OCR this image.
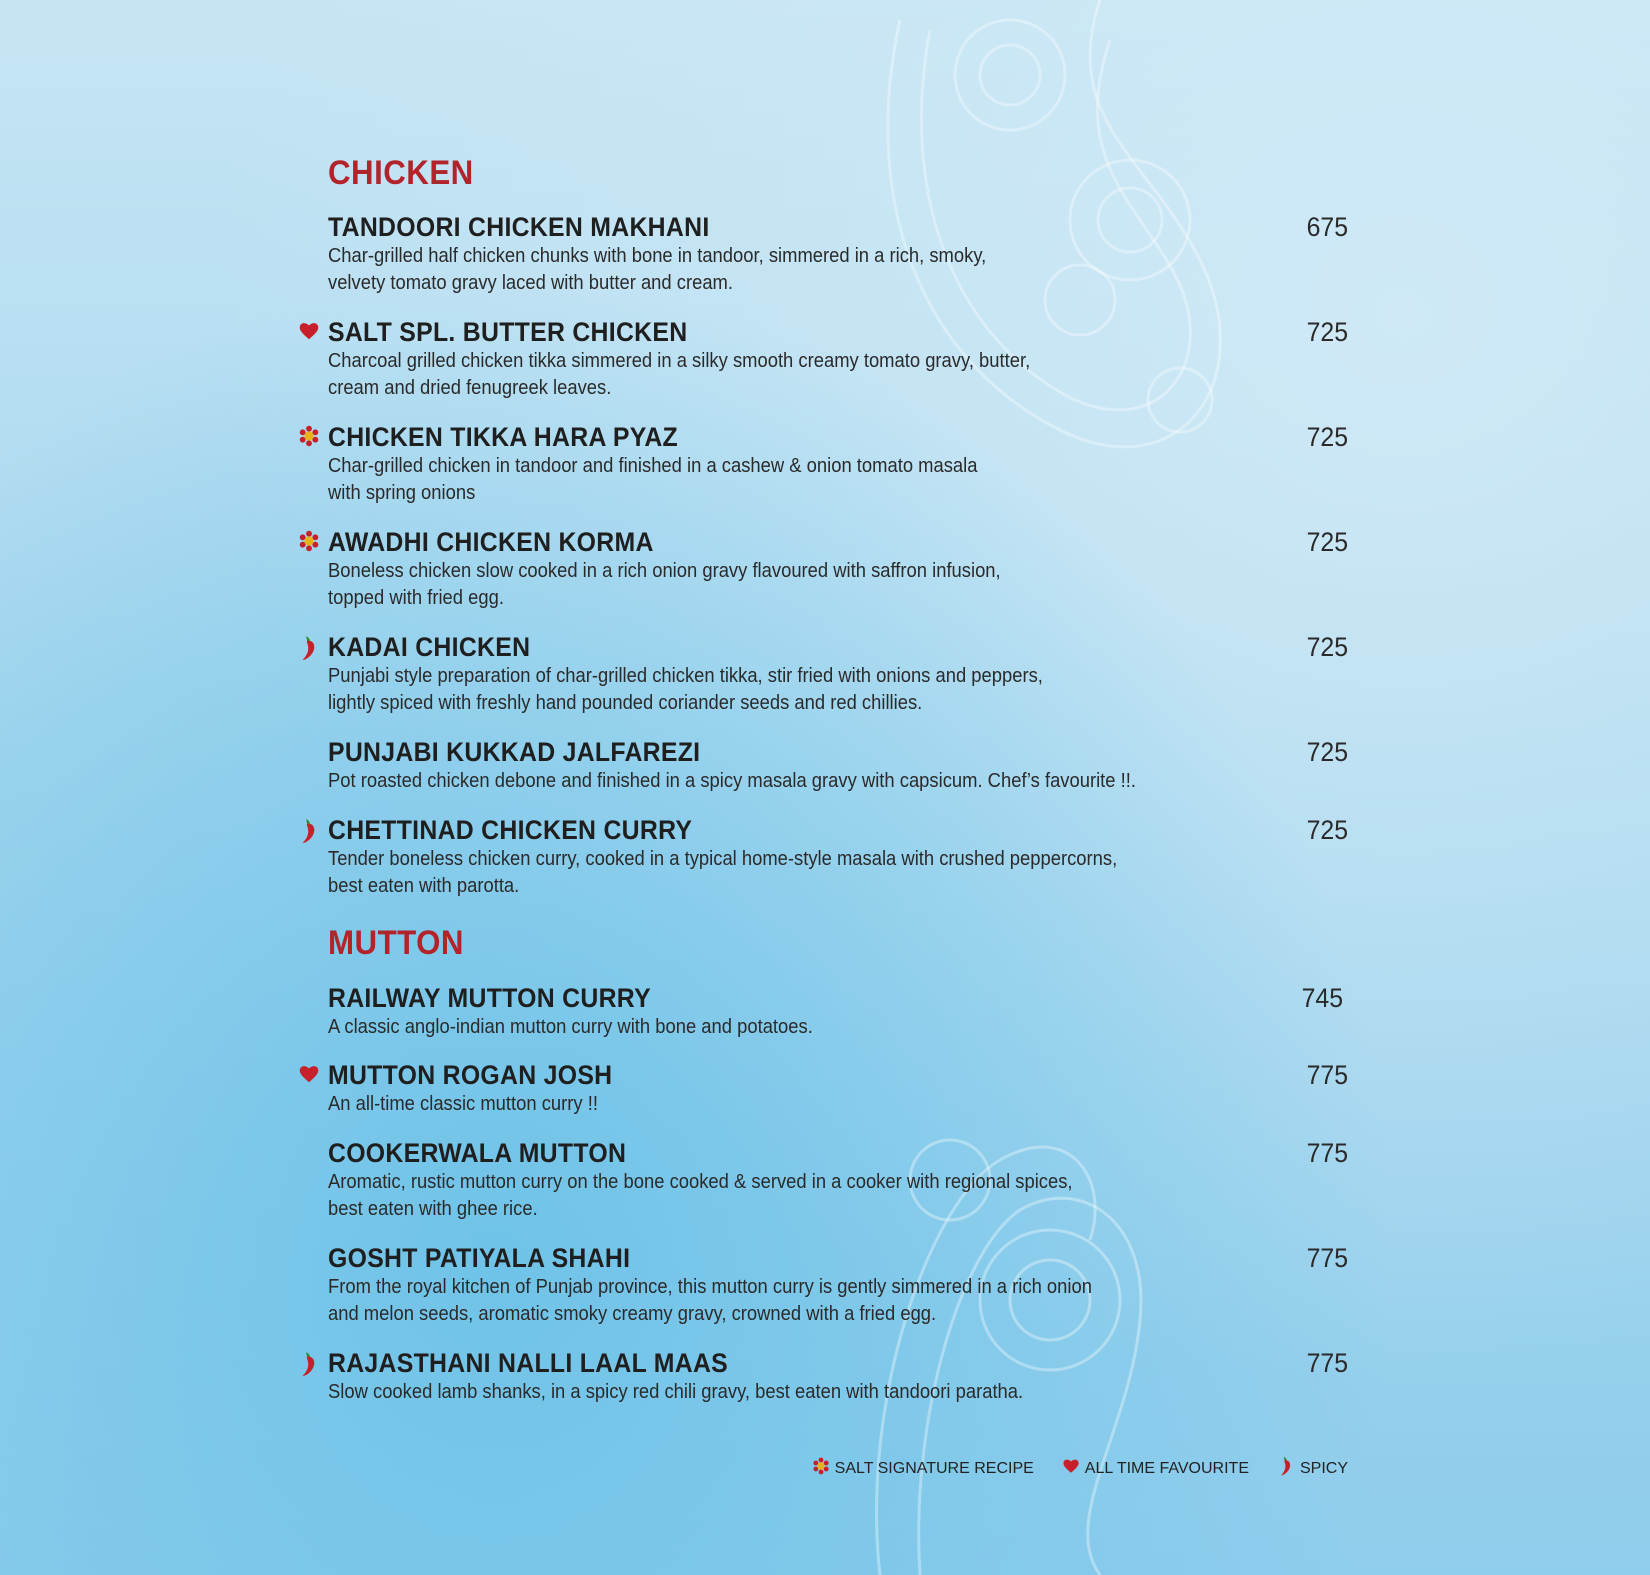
CHICKEN
TANDOORI CHICKEN MAKHANI	675
Char-grilled half chicken chunks with bone in tandoor, simmered in a rich, smoky,
velvety tomato gravy laced with butter and cream.
SALT SPL. BUTTER CHICKEN	725
Charcoal grilled chicken tikka simmered in a silky smooth creamy tomato gravy, butter,
cream and dried fenugreek leaves.
CHICKEN TIKKA HARA PYAZ	725
Char-grilled chicken in tandoor and finished in a cashew & onion tomato masala
with spring onions
AWADHI CHICKEN KORMA	725
Boneless chicken slow cooked in a rich onion gravy flavoured with saffron infusion,
topped with fried egg.
KADAI CHICKEN	725
Punjabi style preparation of char-grilled chicken tikka, stir fried with onions and peppers,
lightly spiced with freshly hand pounded coriander seeds and red chillies.
PUNJABI KUKKAD JALFAREZI	725
Pot roasted chicken debone and finished in a spicy masala gravy with capsicum. Chef’s favourite !!.
CHETTINAD CHICKEN CURRY	725
Tender boneless chicken curry, cooked in a typical home-style masala with crushed peppercorns,
best eaten with parotta.
MUTTON
RAILWAY MUTTON CURRY	745
A classic anglo-indian mutton curry with bone and potatoes.
MUTTON ROGAN JOSH	775
An all-time classic mutton curry !!
COOKERWALA MUTTON	775
Aromatic, rustic mutton curry on the bone cooked & served in a cooker with regional spices,
best eaten with ghee rice.
GOSHT PATIYALA SHAHI	775
From the royal kitchen of Punjab province, this mutton curry is gently simmered in a rich onion
and melon seeds, aromatic smoky creamy gravy, crowned with a fried egg.
RAJASTHANI NALLI LAAL MAAS	775
Slow cooked lamb shanks, in a spicy red chili gravy, best eaten with tandoori paratha.
SALT SIGNATURE RECIPE	ALL TIME FAVOURITE	SPICY
